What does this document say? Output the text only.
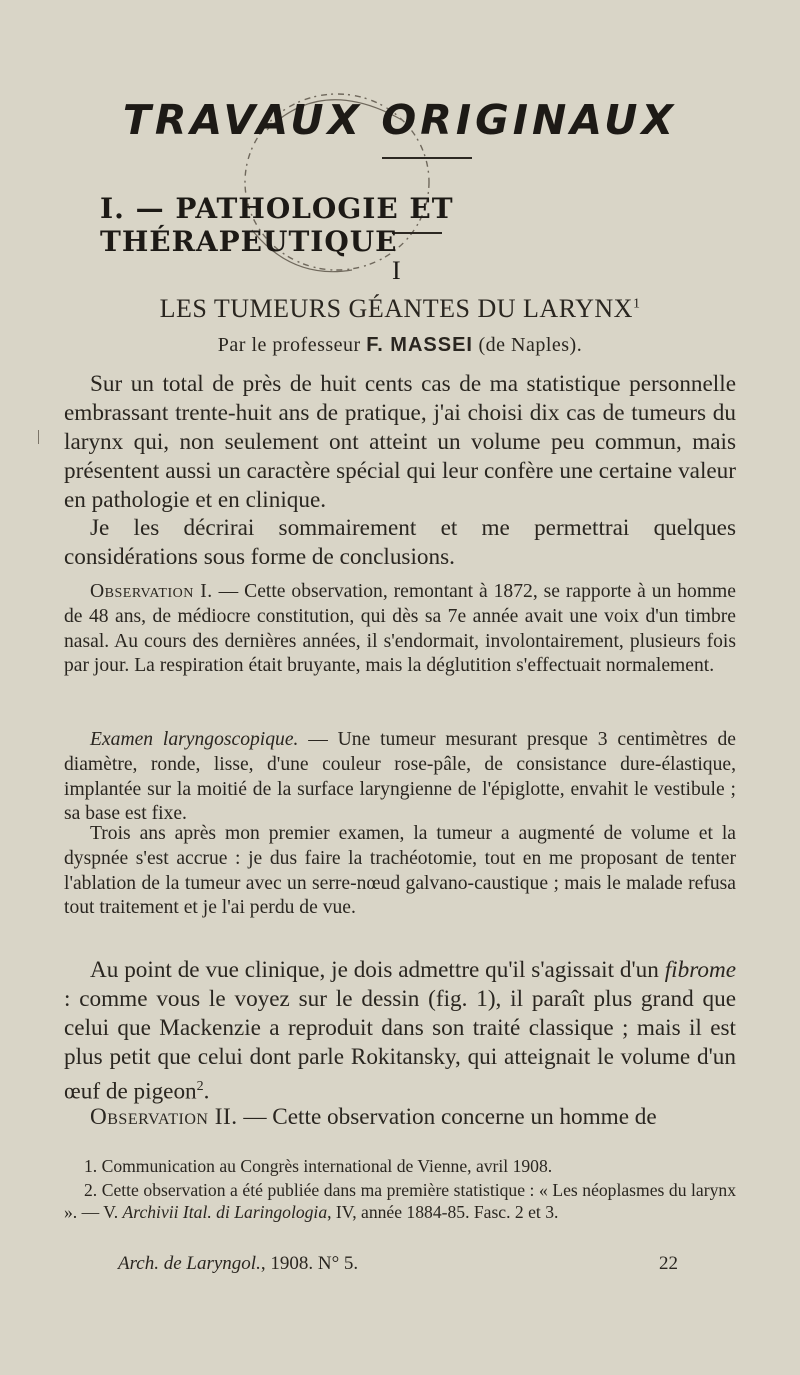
TRAVAUX ORIGINAUX
I. — PATHOLOGIE ET THÉRAPEUTIQUE
I
LES TUMEURS GÉANTES DU LARYNX$^1$
Par le professeur F. MASSEI (de Naples).

Sur un total de près de huit cents cas de ma statistique personnelle embrassant trente-huit ans de pratique, j'ai choisi dix cas de tumeurs du larynx qui, non seulement ont atteint un volume peu commun, mais présentent aussi un caractère spécial qui leur confère une certaine valeur en pathologie et en clinique.

Je les décrirai sommairement et me permettrai quelques considérations sous forme de conclusions.

Observation I. — Cette observation, remontant à 1872, se rapporte à un homme de 48 ans, de médiocre constitution, qui dès sa 7e année avait une voix d'un timbre nasal. Au cours des dernières années, il s'endormait, involontairement, plusieurs fois par jour. La respiration était bruyante, mais la déglutition s'effectuait normalement.

Examen laryngoscopique. — Une tumeur mesurant presque 3 centimètres de diamètre, ronde, lisse, d'une couleur rose-pâle, de consistance dure-élastique, implantée sur la moitié de la surface laryngienne de l'épiglotte, envahit le vestibule ; sa base est fixe.

Trois ans après mon premier examen, la tumeur a augmenté de volume et la dyspnée s'est accrue : je dus faire la trachéotomie, tout en me proposant de tenter l'ablation de la tumeur avec un serre-nœud galvano-caustique ; mais le malade refusa tout traitement et je l'ai perdu de vue.

Au point de vue clinique, je dois admettre qu'il s'agissait d'un fibrome : comme vous le voyez sur le dessin (fig. 1), il paraît plus grand que celui que Mackenzie a reproduit dans son traité classique ; mais il est plus petit que celui dont parle Rokitansky, qui atteignait le volume d'un œuf de pigeon$^2$.

Observation II. — Cette observation concerne un homme de

1. Communication au Congrès international de Vienne, avril 1908.

2. Cette observation a été publiée dans ma première statistique : « Les néoplasmes du larynx ». — V. Archivii Ital. di Laringologia, IV, année 1884-85. Fasc. 2 et 3.

Arch. de Laryngol., 1908. N° 5.	22
